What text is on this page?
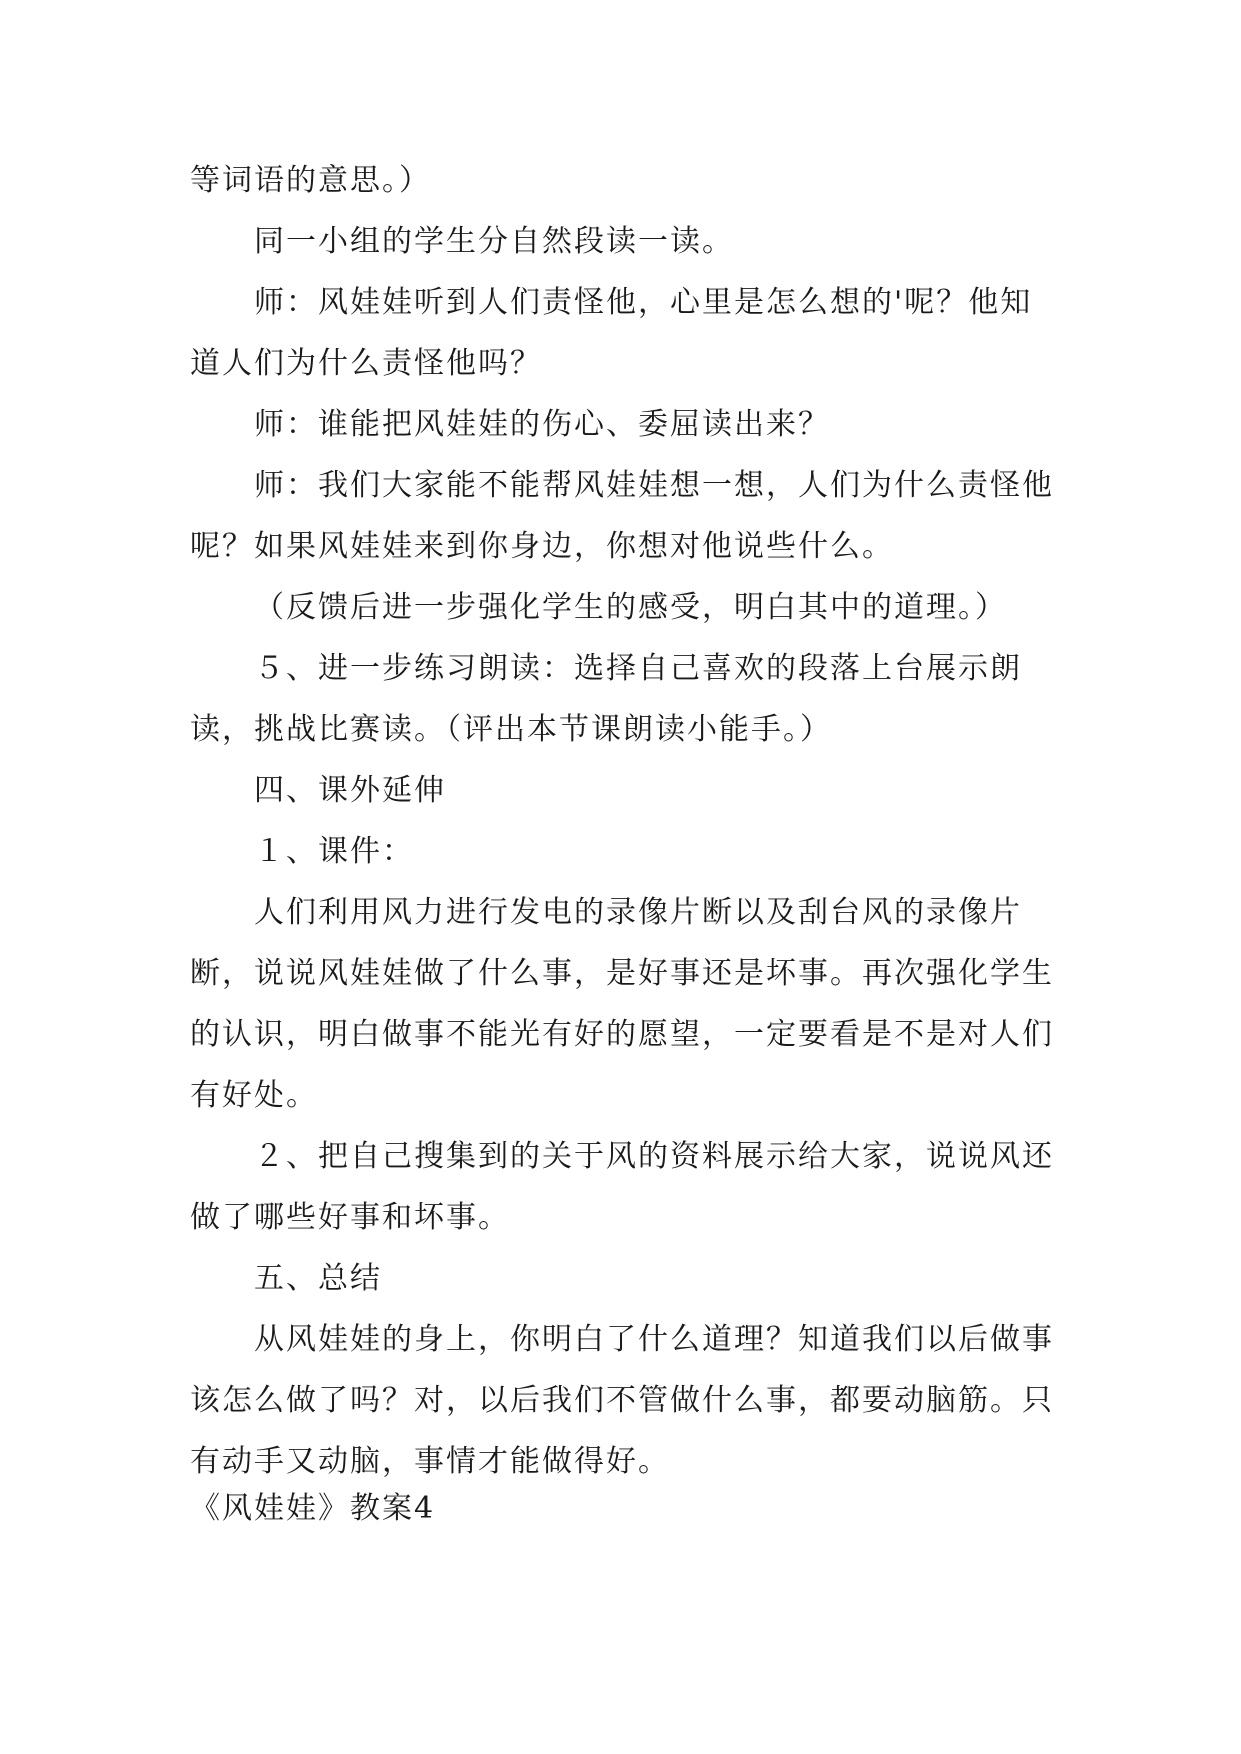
等词语的意思。）

同一小组的学生分自然段读一读。

师：风娃娃听到人们责怪他，心里是怎么想的'呢？他知道人们为什么责怪他吗？

师：谁能把风娃娃的伤心、委屈读出来？

师：我们大家能不能帮风娃娃想一想，人们为什么责怪他呢？如果风娃娃来到你身边，你想对他说些什么。

（反馈后进一步强化学生的感受，明白其中的道理。）

５、进一步练习朗读：选择自己喜欢的段落上台展示朗读，挑战比赛读。（评出本节课朗读小能手。）

四、课外延伸

１、课件：

人们利用风力进行发电的录像片断以及刮台风的录像片断，说说风娃娃做了什么事，是好事还是坏事。再次强化学生的认识，明白做事不能光有好的愿望，一定要看是不是对人们有好处。

２、把自己搜集到的关于风的资料展示给大家，说说风还做了哪些好事和坏事。

五、总结

从风娃娃的身上，你明白了什么道理？知道我们以后做事该怎么做了吗？对，以后我们不管做什么事，都要动脑筋。只有动手又动脑，事情才能做得好。

《风娃娃》教案4
